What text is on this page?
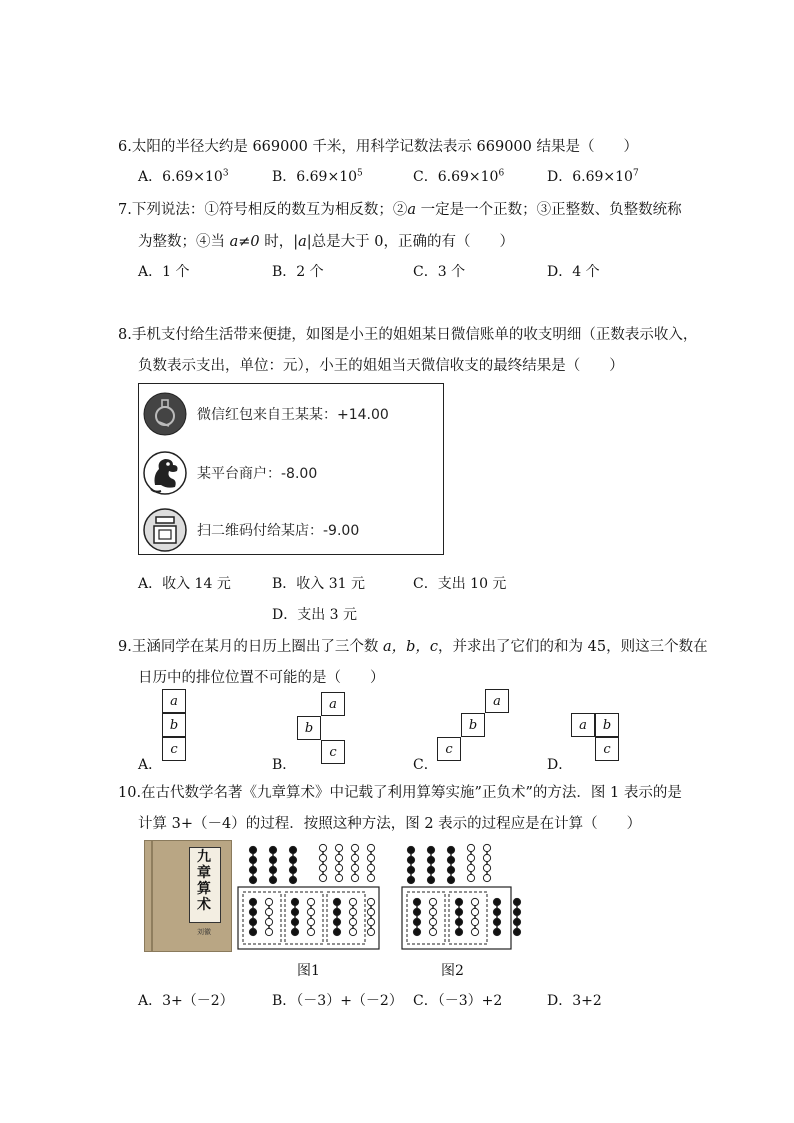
6.太阳的半径大约是 669000 千米，用科学记数法表示 669000 结果是（　　）
A．$6.69\times 10^3$	B．$6.69\times 10^5$	C．$6.69\times 10^6$	D．$6.69\times 10^7$
7.下列说法：①符号相反的数互为相反数；②a 一定是一个正数；③正整数、负整数统称
为整数；④当 a≠0 时，|a|总是大于 0，正确的有（　　）
A．1 个	B．2 个	C．3 个	D．4 个
8.手机支付给生活带来便捷，如图是小王的姐姐某日微信账单的收支明细（正数表示收入，
负数表示支出，单位：元），小王的姐姐当天微信收支的最终结果是（　　）
微信红包来自王某某：+14.00
某平台商户：-8.00
扫二维码付给某店：-9.00
A．收入 14 元	B．收入 31 元	C．支出 10 元
D．支出 3 元
9.王涵同学在某月的日历上圈出了三个数 a，b，c，并求出了它们的和为 45，则这三个数在
日历中的排位位置不可能的是（　　）
a
b
c
a
b
c
a
b
c
a	b
c
A．	B．	C．	D．
10.在古代数学名著《九章算术》中记载了利用算筹实施”正负术”的方法．图 1 表示的是
计算 3+（－4）的过程．按照这种方法，图 2 表示的过程应是在计算（　　）
九章算术
刘徽
图1	图2
A．3+（－2）	B．（－3）+（－2） C．（－3）+2	D．3+2
